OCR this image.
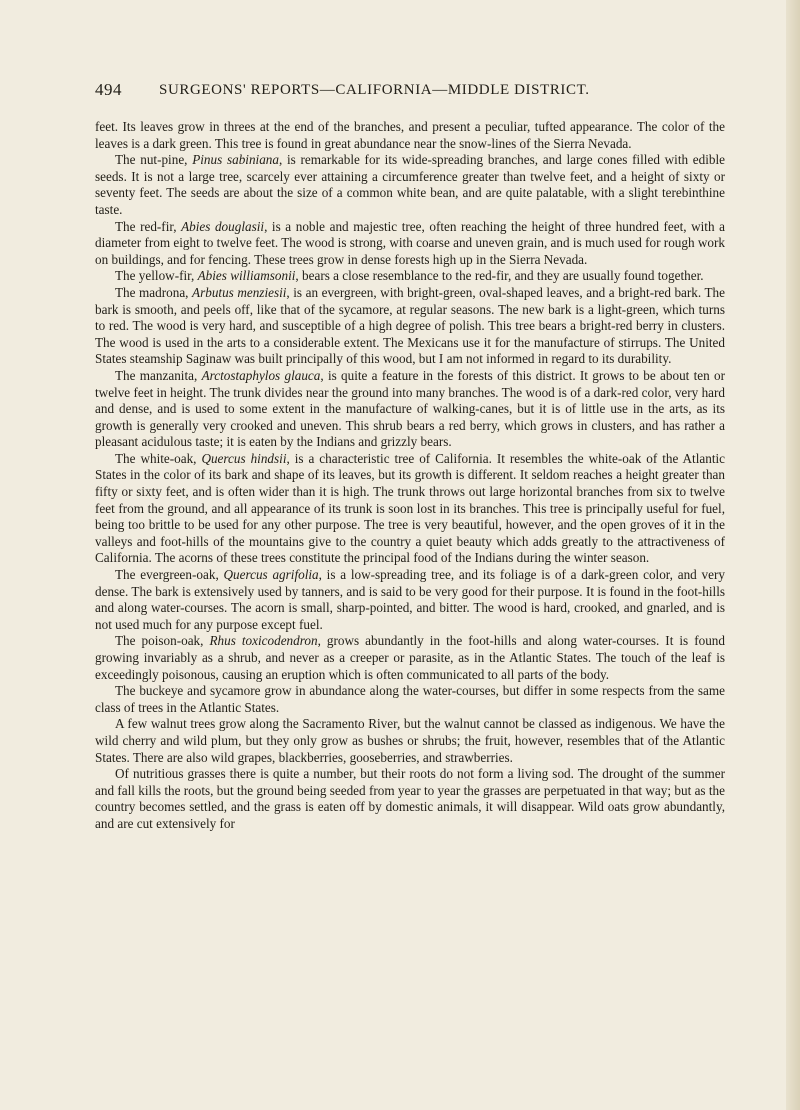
494 SURGEONS' REPORTS—CALIFORNIA—MIDDLE DISTRICT.

feet. Its leaves grow in threes at the end of the branches, and present a peculiar, tufted appearance. The color of the leaves is a dark green. This tree is found in great abundance near the snow-lines of the Sierra Nevada.

The nut-pine, Pinus sabiniana, is remarkable for its wide-spreading branches, and large cones filled with edible seeds. It is not a large tree, scarcely ever attaining a circumference greater than twelve feet, and a height of sixty or seventy feet. The seeds are about the size of a common white bean, and are quite palatable, with a slight terebinthine taste.

The red-fir, Abies douglasii, is a noble and majestic tree, often reaching the height of three hundred feet, with a diameter from eight to twelve feet. The wood is strong, with coarse and uneven grain, and is much used for rough work on buildings, and for fencing. These trees grow in dense forests high up in the Sierra Nevada.

The yellow-fir, Abies williamsonii, bears a close resemblance to the red-fir, and they are usually found together.

The madrona, Arbutus menziesii, is an evergreen, with bright-green, oval-shaped leaves, and a bright-red bark. The bark is smooth, and peels off, like that of the sycamore, at regular seasons. The new bark is a light-green, which turns to red. The wood is very hard, and susceptible of a high degree of polish. This tree bears a bright-red berry in clusters. The wood is used in the arts to a considerable extent. The Mexicans use it for the manufacture of stirrups. The United States steamship Saginaw was built principally of this wood, but I am not informed in regard to its durability.

The manzanita, Arctostaphylos glauca, is quite a feature in the forests of this district. It grows to be about ten or twelve feet in height. The trunk divides near the ground into many branches. The wood is of a dark-red color, very hard and dense, and is used to some extent in the manufacture of walking-canes, but it is of little use in the arts, as its growth is generally very crooked and uneven. This shrub bears a red berry, which grows in clusters, and has rather a pleasant acidulous taste; it is eaten by the Indians and grizzly bears.

The white-oak, Quercus hindsii, is a characteristic tree of California. It resembles the white-oak of the Atlantic States in the color of its bark and shape of its leaves, but its growth is different. It seldom reaches a height greater than fifty or sixty feet, and is often wider than it is high. The trunk throws out large horizontal branches from six to twelve feet from the ground, and all appearance of its trunk is soon lost in its branches. This tree is principally useful for fuel, being too brittle to be used for any other purpose. The tree is very beautiful, however, and the open groves of it in the valleys and foot-hills of the mountains give to the country a quiet beauty which adds greatly to the attractiveness of California. The acorns of these trees constitute the principal food of the Indians during the winter season.

The evergreen-oak, Quercus agrifolia, is a low-spreading tree, and its foliage is of a dark-green color, and very dense. The bark is extensively used by tanners, and is said to be very good for their purpose. It is found in the foot-hills and along water-courses. The acorn is small, sharp-pointed, and bitter. The wood is hard, crooked, and gnarled, and is not used much for any purpose except fuel.

The poison-oak, Rhus toxicodendron, grows abundantly in the foot-hills and along water-courses. It is found growing invariably as a shrub, and never as a creeper or parasite, as in the Atlantic States. The touch of the leaf is exceedingly poisonous, causing an eruption which is often communicated to all parts of the body.

The buckeye and sycamore grow in abundance along the water-courses, but differ in some respects from the same class of trees in the Atlantic States.

A few walnut trees grow along the Sacramento River, but the walnut cannot be classed as indigenous. We have the wild cherry and wild plum, but they only grow as bushes or shrubs; the fruit, however, resembles that of the Atlantic States. There are also wild grapes, blackberries, gooseberries, and strawberries.

Of nutritious grasses there is quite a number, but their roots do not form a living sod. The drought of the summer and fall kills the roots, but the ground being seeded from year to year the grasses are perpetuated in that way; but as the country becomes settled, and the grass is eaten off by domestic animals, it will disappear. Wild oats grow abundantly, and are cut extensively for
